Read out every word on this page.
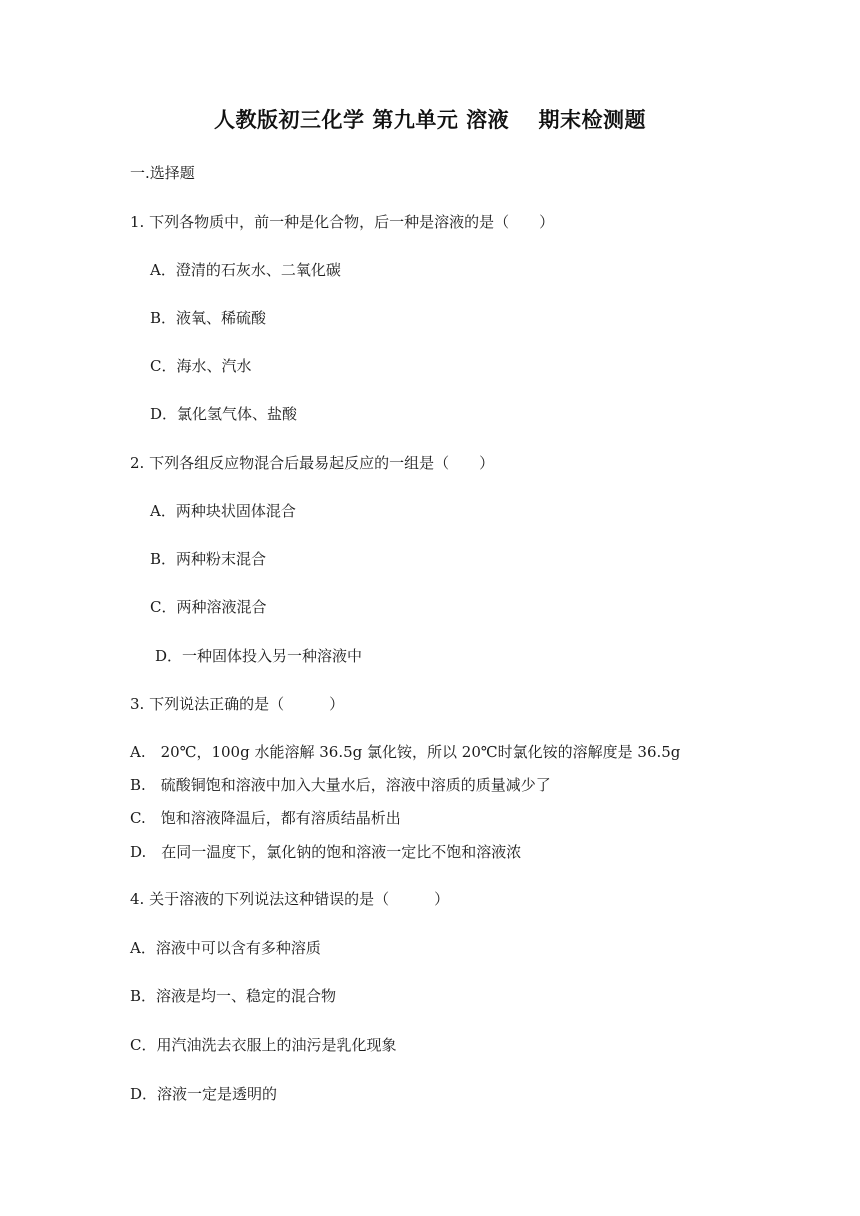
人教版初三化学 第九单元 溶液　 期末检测题
一.选择题
1. 下列各物质中，前一种是化合物，后一种是溶液的是（　　）
A．澄清的石灰水、二氧化碳
B．液氧、稀硫酸
C．海水、汽水
D．氯化氢气体、盐酸
2. 下列各组反应物混合后最易起反应的一组是（　　）
A．两种块状固体混合
B．两种粉末混合
C．两种溶液混合
D．一种固体投入另一种溶液中
3. 下列说法正确的是（　　　）
A.　20℃，100g 水能溶解 36.5g 氯化铵，所以 20℃时氯化铵的溶解度是 36.5g
B.　硫酸铜饱和溶液中加入大量水后，溶液中溶质的质量减少了
C.　饱和溶液降温后，都有溶质结晶析出
D.　在同一温度下，氯化钠的饱和溶液一定比不饱和溶液浓
4. 关于溶液的下列说法这种错误的是（　　　）
A．溶液中可以含有多种溶质
B．溶液是均一、稳定的混合物
C．用汽油洗去衣服上的油污是乳化现象
D．溶液一定是透明的
